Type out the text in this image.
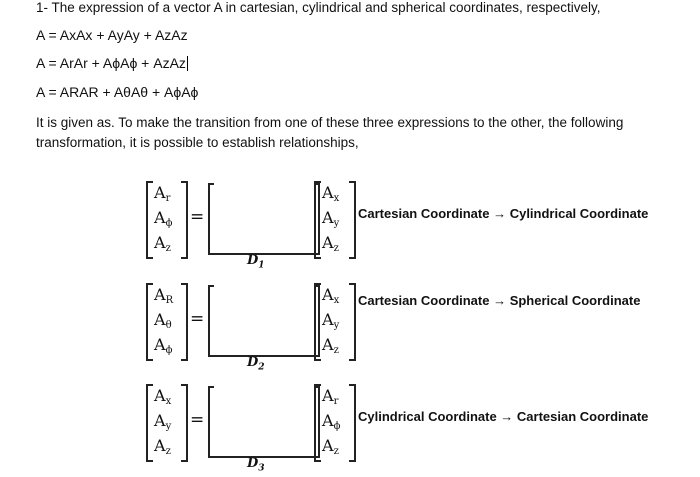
1- The expression of a vector A in cartesian, cylindrical and spherical coordinates, respectively,
A = AxAx + AyAy + AzAz
A = ArAr + AϕAϕ + AzAz
A = ARAR + AθAθ + AϕAϕ
It is given as. To make the transition from one of these three expressions to the other, the following transformation, it is possible to establish relationships,
$A_r$
$A_\phi$
$A_z$
=
$D_1$
$A_x$
$A_y$
$A_z$
Cartesian Coordinate → Cylindrical Coordinate
$A_R$
$A_\theta$
$A_\phi$
=
$D_2$
$A_x$
$A_y$
$A_z$
Cartesian Coordinate → Spherical Coordinate
$A_x$
$A_y$
$A_z$
=
$D_3$
$A_r$
$A_\phi$
$A_z$
Cylindrical Coordinate → Cartesian Coordinate
